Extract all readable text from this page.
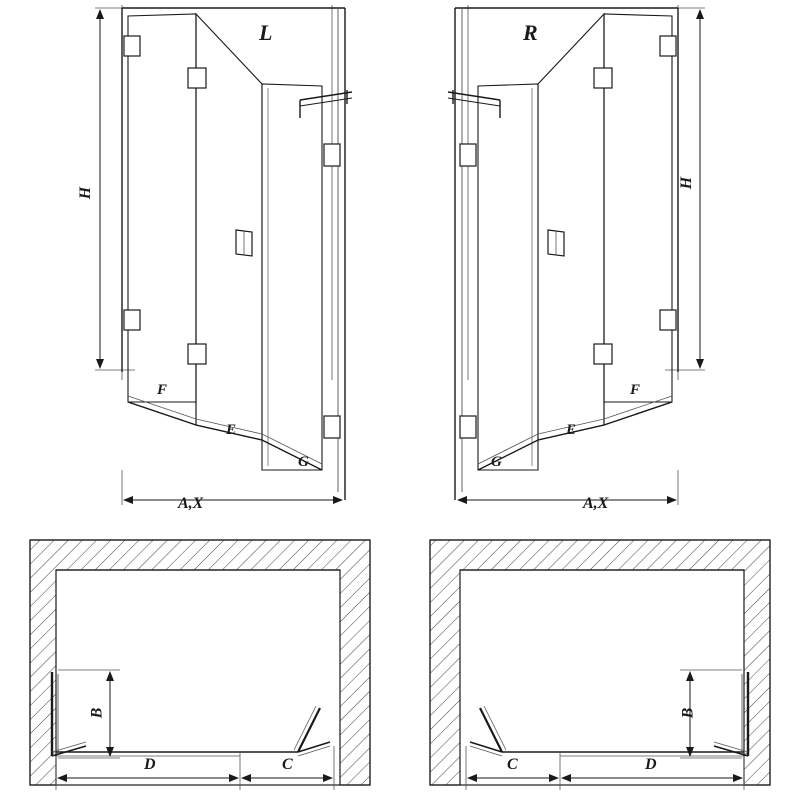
L	R
H
H
F
E
G	G
E
F
A,X	A,X
B	B
D	C	C	D
